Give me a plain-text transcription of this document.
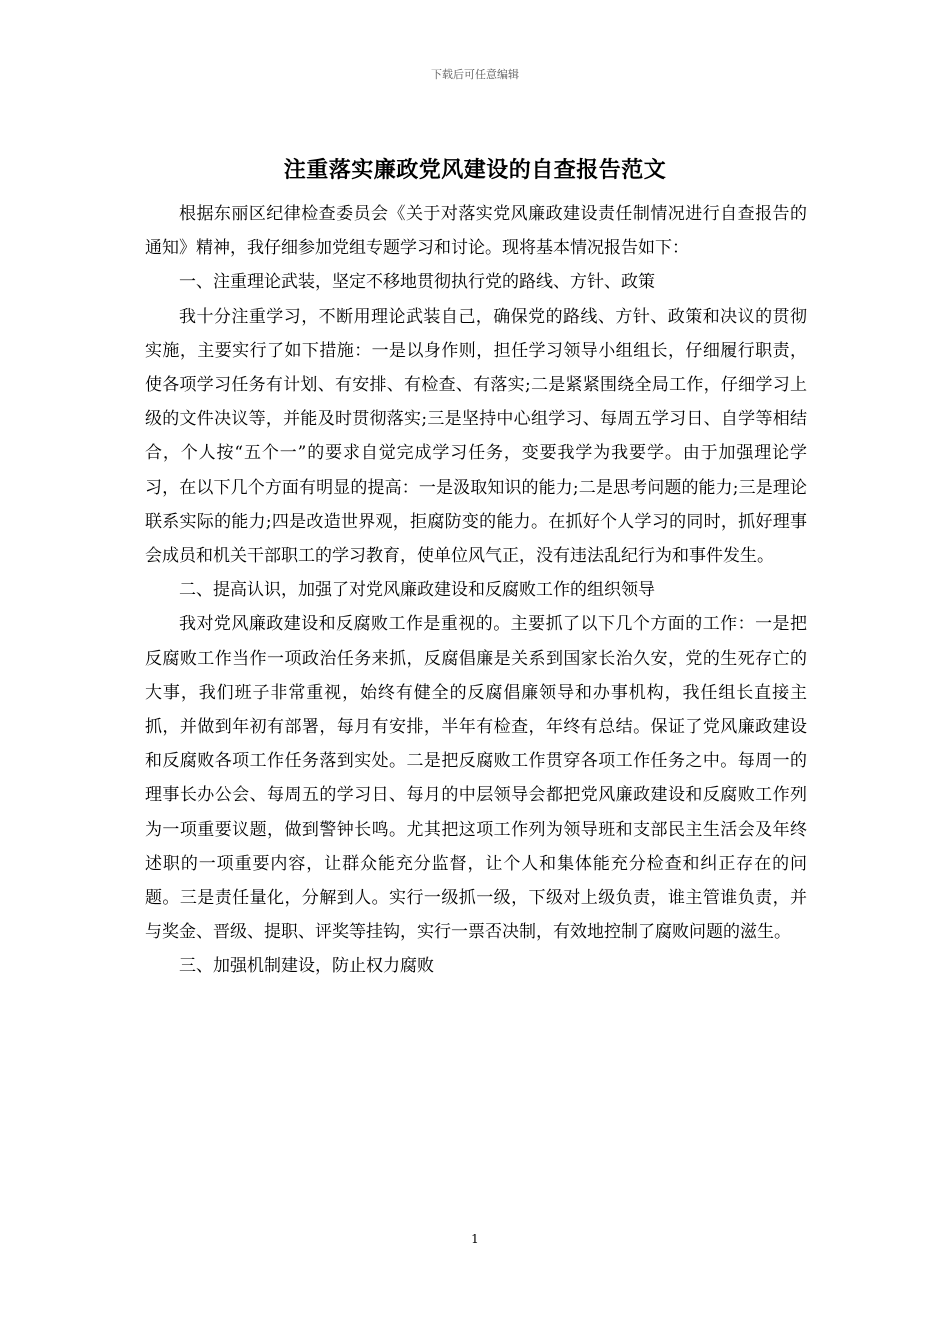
下载后可任意编辑
注重落实廉政党风建设的自查报告范文

根据东丽区纪律检查委员会《关于对落实党风廉政建设责任制情况进行自查报告的通知》精神，我仔细参加党组专题学习和讨论。现将基本情况报告如下：

一、注重理论武装，坚定不移地贯彻执行党的路线、方针、政策

我十分注重学习，不断用理论武装自己，确保党的路线、方针、政策和决议的贯彻实施，主要实行了如下措施：一是以身作则，担任学习领导小组组长，仔细履行职责，使各项学习任务有计划、有安排、有检查、有落实;二是紧紧围绕全局工作，仔细学习上级的文件决议等，并能及时贯彻落实;三是坚持中心组学习、每周五学习日、自学等相结合，个人按“五个一”的要求自觉完成学习任务，变要我学为我要学。由于加强理论学习，在以下几个方面有明显的提高：一是汲取知识的能力;二是思考问题的能力;三是理论联系实际的能力;四是改造世界观，拒腐防变的能力。在抓好个人学习的同时，抓好理事会成员和机关干部职工的学习教育，使单位风气正，没有违法乱纪行为和事件发生。

二、提高认识，加强了对党风廉政建设和反腐败工作的组织领导

我对党风廉政建设和反腐败工作是重视的。主要抓了以下几个方面的工作：一是把反腐败工作当作一项政治任务来抓，反腐倡廉是关系到国家长治久安，党的生死存亡的大事，我们班子非常重视，始终有健全的反腐倡廉领导和办事机构，我任组长直接主抓，并做到年初有部署，每月有安排，半年有检查，年终有总结。保证了党风廉政建设和反腐败各项工作任务落到实处。二是把反腐败工作贯穿各项工作任务之中。每周一的理事长办公会、每周五的学习日、每月的中层领导会都把党风廉政建设和反腐败工作列为一项重要议题，做到警钟长鸣。尤其把这项工作列为领导班和支部民主生活会及年终述职的一项重要内容，让群众能充分监督，让个人和集体能充分检查和纠正存在的问题。三是责任量化，分解到人。实行一级抓一级，下级对上级负责，谁主管谁负责，并与奖金、晋级、提职、评奖等挂钩，实行一票否决制，有效地控制了腐败问题的滋生。

三、加强机制建设，防止权力腐败

1
